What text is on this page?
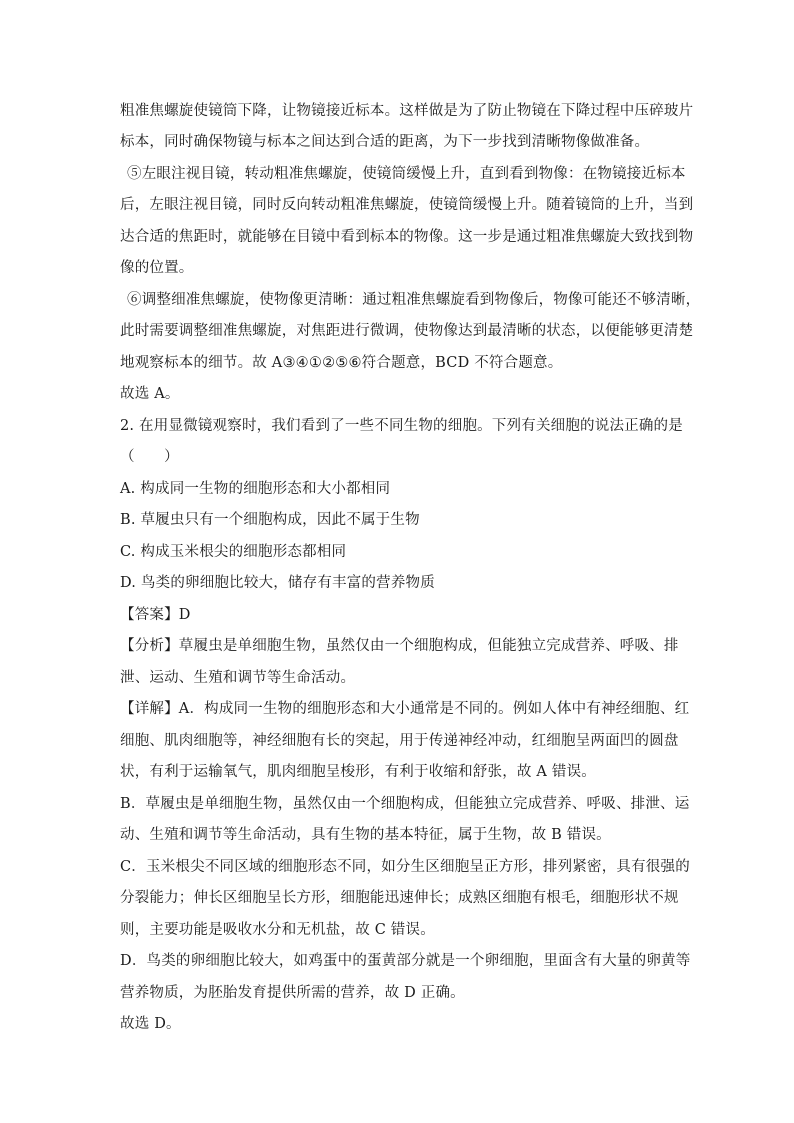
粗准焦螺旋使镜筒下降，让物镜接近标本。这样做是为了防止物镜在下降过程中压碎玻片
标本，同时确保物镜与标本之间达到合适的距离，为下一步找到清晰物像做准备。
⑤左眼注视目镜，转动粗准焦螺旋，使镜筒缓慢上升，直到看到物像：在物镜接近标本
后，左眼注视目镜，同时反向转动粗准焦螺旋，使镜筒缓慢上升。随着镜筒的上升，当到
达合适的焦距时，就能够在目镜中看到标本的物像。这一步是通过粗准焦螺旋大致找到物
像的位置。
⑥调整细准焦螺旋，使物像更清晰：通过粗准焦螺旋看到物像后，物像可能还不够清晰，
此时需要调整细准焦螺旋，对焦距进行微调，使物像达到最清晰的状态，以便能够更清楚
地观察标本的细节。故 A③④①②⑤⑥符合题意，BCD 不符合题意。
故选 A。
2. 在用显微镜观察时，我们看到了一些不同生物的细胞。下列有关细胞的说法正确的是
（　　）
A. 构成同一生物的细胞形态和大小都相同
B. 草履虫只有一个细胞构成，因此不属于生物
C. 构成玉米根尖的细胞形态都相同
D. 鸟类的卵细胞比较大，储存有丰富的营养物质
【答案】D
【分析】草履虫是单细胞生物，虽然仅由一个细胞构成，但能独立完成营养、呼吸、排
泄、运动、生殖和调节等生命活动。
【详解】A．构成同一生物的细胞形态和大小通常是不同的。例如人体中有神经细胞、红
细胞、肌肉细胞等，神经细胞有长的突起，用于传递神经冲动，红细胞呈两面凹的圆盘
状，有利于运输氧气，肌肉细胞呈梭形，有利于收缩和舒张，故 A 错误。
B．草履虫是单细胞生物，虽然仅由一个细胞构成，但能独立完成营养、呼吸、排泄、运
动、生殖和调节等生命活动，具有生物的基本特征，属于生物，故 B 错误。
C．玉米根尖不同区域的细胞形态不同，如分生区细胞呈正方形，排列紧密，具有很强的
分裂能力；伸长区细胞呈长方形，细胞能迅速伸长；成熟区细胞有根毛，细胞形状不规
则，主要功能是吸收水分和无机盐，故 C 错误。
D．鸟类的卵细胞比较大，如鸡蛋中的蛋黄部分就是一个卵细胞，里面含有大量的卵黄等
营养物质，为胚胎发育提供所需的营养，故 D 正确。
故选 D。
